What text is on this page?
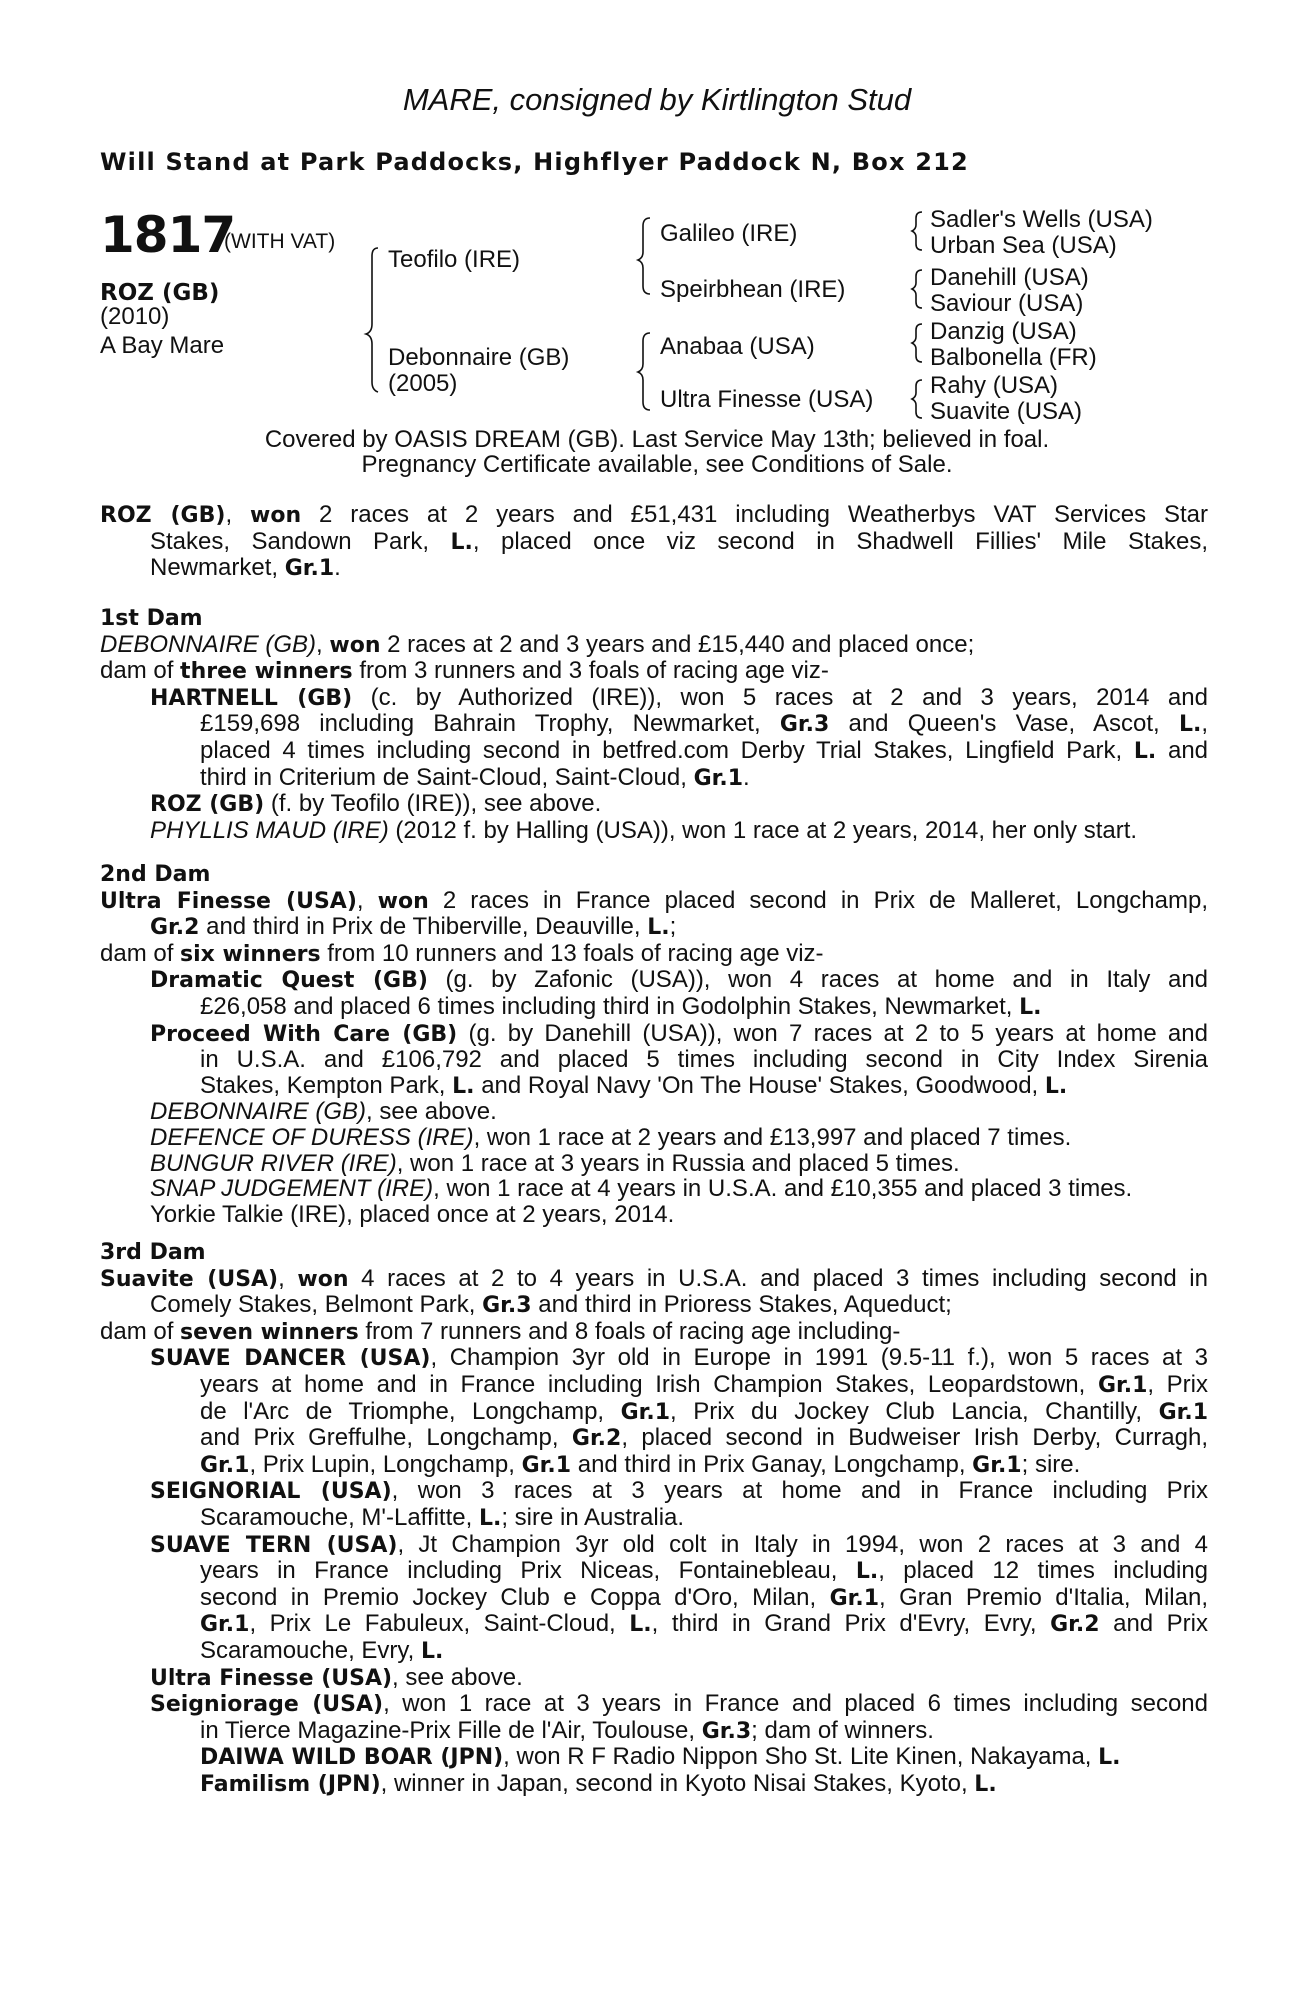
MARE, consigned by Kirtlington Stud
Will Stand at Park Paddocks, Highflyer Paddock N, Box 212
1817
(WITH VAT)
ROZ (GB)
(2010)
A Bay Mare
Teofilo (IRE)
Debonnaire (GB)
(2005)
Galileo (IRE)
Speirbhean (IRE)
Anabaa (USA)
Ultra Finesse (USA)
Sadler's Wells (USA)
Urban Sea (USA)
Danehill (USA)
Saviour (USA)
Danzig (USA)
Balbonella (FR)
Rahy (USA)
Suavite (USA)
Covered by OASIS DREAM (GB). Last Service May 13th; believed in foal.
Pregnancy Certificate available, see Conditions of Sale.
ROZ (GB), won 2 races at 2 years and £51,431 including Weatherbys VAT Services Star
Stakes, Sandown Park, L., placed once viz second in Shadwell Fillies' Mile Stakes,
Newmarket, Gr.1.
1st Dam
DEBONNAIRE (GB), won 2 races at 2 and 3 years and £15,440 and placed once;
dam of three winners from 3 runners and 3 foals of racing age viz-
HARTNELL (GB) (c. by Authorized (IRE)), won 5 races at 2 and 3 years, 2014 and
£159,698 including Bahrain Trophy, Newmarket, Gr.3 and Queen's Vase, Ascot, L.,
placed 4 times including second in betfred.com Derby Trial Stakes, Lingfield Park, L. and
third in Criterium de Saint-Cloud, Saint-Cloud, Gr.1.
ROZ (GB) (f. by Teofilo (IRE)), see above.
PHYLLIS MAUD (IRE) (2012 f. by Halling (USA)), won 1 race at 2 years, 2014, her only start.
2nd Dam
Ultra Finesse (USA), won 2 races in France placed second in Prix de Malleret, Longchamp,
Gr.2 and third in Prix de Thiberville, Deauville, L.;
dam of six winners from 10 runners and 13 foals of racing age viz-
Dramatic Quest (GB) (g. by Zafonic (USA)), won 4 races at home and in Italy and
£26,058 and placed 6 times including third in Godolphin Stakes, Newmarket, L.
Proceed With Care (GB) (g. by Danehill (USA)), won 7 races at 2 to 5 years at home and
in U.S.A. and £106,792 and placed 5 times including second in City Index Sirenia
Stakes, Kempton Park, L. and Royal Navy 'On The House' Stakes, Goodwood, L.
DEBONNAIRE (GB), see above.
DEFENCE OF DURESS (IRE), won 1 race at 2 years and £13,997 and placed 7 times.
BUNGUR RIVER (IRE), won 1 race at 3 years in Russia and placed 5 times.
SNAP JUDGEMENT (IRE), won 1 race at 4 years in U.S.A. and £10,355 and placed 3 times.
Yorkie Talkie (IRE), placed once at 2 years, 2014.
3rd Dam
Suavite (USA), won 4 races at 2 to 4 years in U.S.A. and placed 3 times including second in
Comely Stakes, Belmont Park, Gr.3 and third in Prioress Stakes, Aqueduct;
dam of seven winners from 7 runners and 8 foals of racing age including-
SUAVE DANCER (USA), Champion 3yr old in Europe in 1991 (9.5-11 f.), won 5 races at 3
years at home and in France including Irish Champion Stakes, Leopardstown, Gr.1, Prix
de l'Arc de Triomphe, Longchamp, Gr.1, Prix du Jockey Club Lancia, Chantilly, Gr.1
and Prix Greffulhe, Longchamp, Gr.2, placed second in Budweiser Irish Derby, Curragh,
Gr.1, Prix Lupin, Longchamp, Gr.1 and third in Prix Ganay, Longchamp, Gr.1; sire.
SEIGNORIAL (USA), won 3 races at 3 years at home and in France including Prix
Scaramouche, M'-Laffitte, L.; sire in Australia.
SUAVE TERN (USA), Jt Champion 3yr old colt in Italy in 1994, won 2 races at 3 and 4
years in France including Prix Niceas, Fontainebleau, L., placed 12 times including
second in Premio Jockey Club e Coppa d'Oro, Milan, Gr.1, Gran Premio d'Italia, Milan,
Gr.1, Prix Le Fabuleux, Saint-Cloud, L., third in Grand Prix d'Evry, Evry, Gr.2 and Prix
Scaramouche, Evry, L.
Ultra Finesse (USA), see above.
Seigniorage (USA), won 1 race at 3 years in France and placed 6 times including second
in Tierce Magazine-Prix Fille de l'Air, Toulouse, Gr.3; dam of winners.
DAIWA WILD BOAR (JPN), won R F Radio Nippon Sho St. Lite Kinen, Nakayama, L.
Familism (JPN), winner in Japan, second in Kyoto Nisai Stakes, Kyoto, L.
